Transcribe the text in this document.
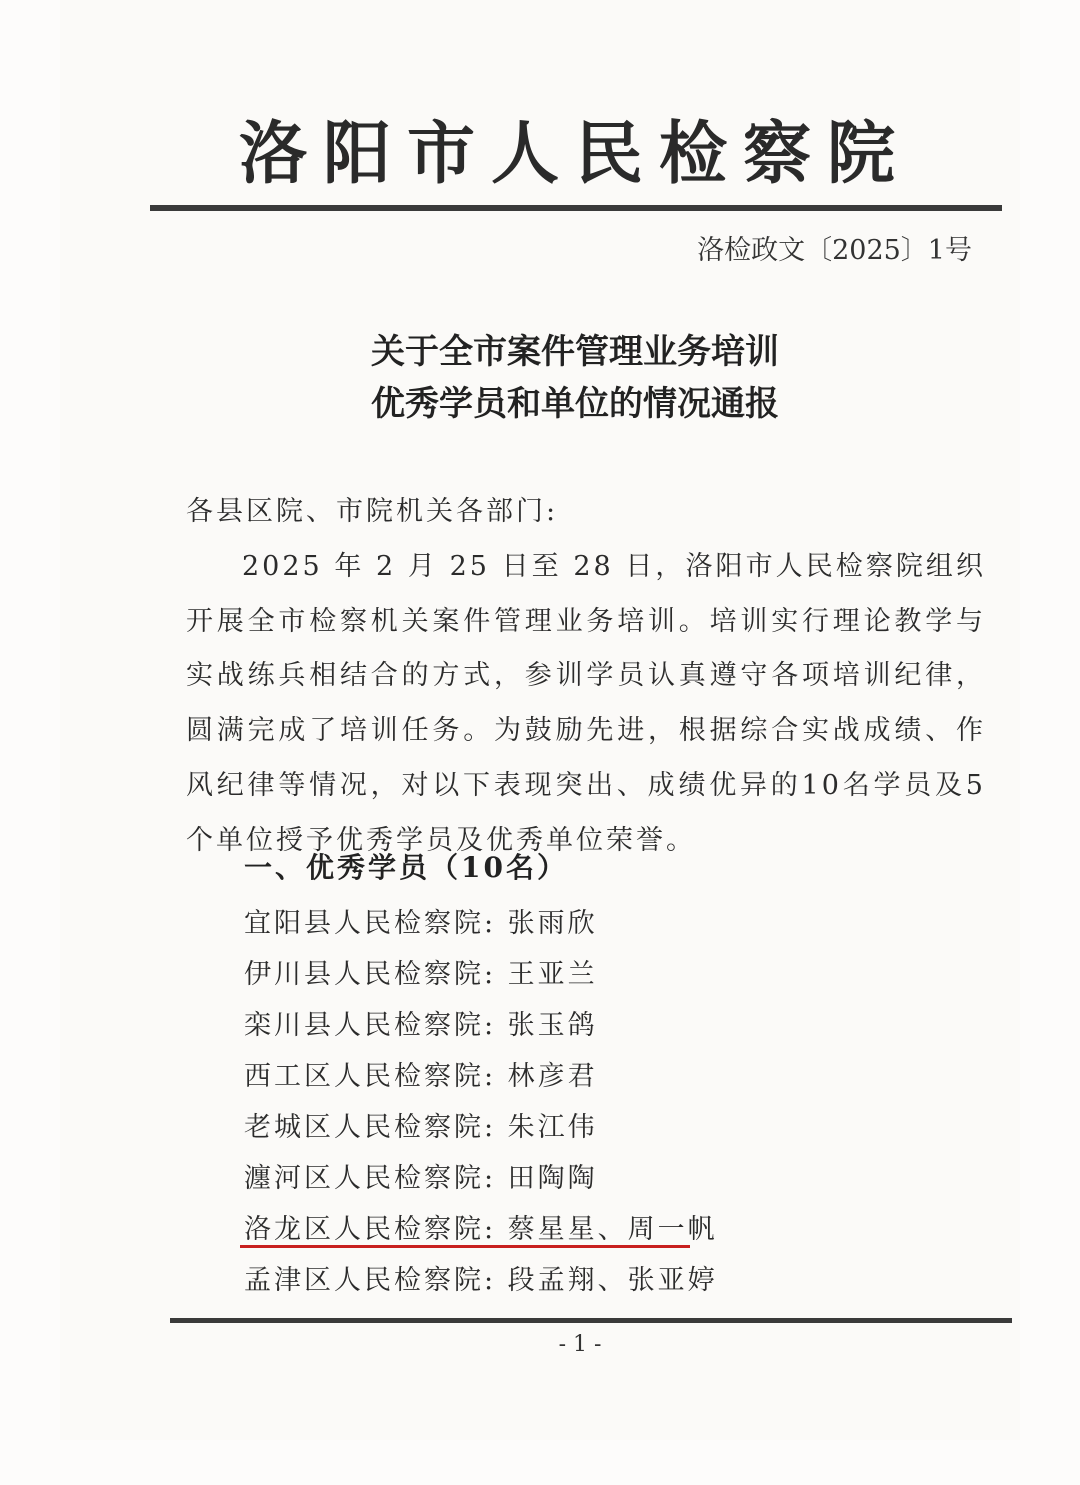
洛阳市人民检察院
洛检政文〔2025〕1号
关于全市案件管理业务培训
优秀学员和单位的情况通报

各县区院、市院机关各部门:

2025 年 2 月 25 日至 28 日，洛阳市人民检察院组织开展全市检察机关案件管理业务培训。培训实行理论教学与实战练兵相结合的方式，参训学员认真遵守各项培训纪律，圆满完成了培训任务。为鼓励先进，根据综合实战成绩、作风纪律等情况，对以下表现突出、成绩优异的10名学员及5个单位授予优秀学员及优秀单位荣誉。

一、优秀学员（10名）
宜阳县人民检察院: 张雨欣
伊川县人民检察院: 王亚兰
栾川县人民检察院: 张玉鸽
西工区人民检察院: 林彦君
老城区人民检察院: 朱江伟
瀍河区人民检察院: 田陶陶
洛龙区人民检察院: 蔡星星、周一帆
孟津区人民检察院: 段孟翔、张亚婷
- 1 -
